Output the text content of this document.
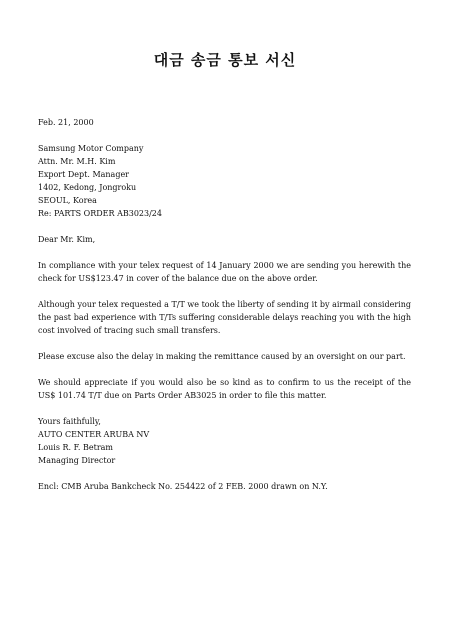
대금 송금 통보 서신
Feb. 21, 2000
Samsung Motor Company
Attn. Mr. M.H. Kim
Export Dept. Manager
1402, Kedong, Jongroku
SEOUL, Korea
Re: PARTS ORDER AB3023/24
Dear Mr. Kim,

In compliance with your telex request of 14 January 2000 we are sending you herewith the check for US$123.47 in cover of the balance due on the above order.

Although your telex requested a T/T we took the liberty of sending it by airmail considering the past bad experience with T/Ts suffering considerable delays reaching you with the high cost involved of tracing such small transfers.

Please excuse also the delay in making the remittance caused by an oversight on our part.

We should appreciate if you would also be so kind as to confirm to us the receipt of the US$ 101.74 T/T due on Parts Order AB3025 in order to file this matter.

Yours faithfully,
AUTO CENTER ARUBA NV
Louis R. F. Betram
Managing Director
Encl: CMB Aruba Bankcheck No. 254422 of 2 FEB. 2000 drawn on N.Y.
